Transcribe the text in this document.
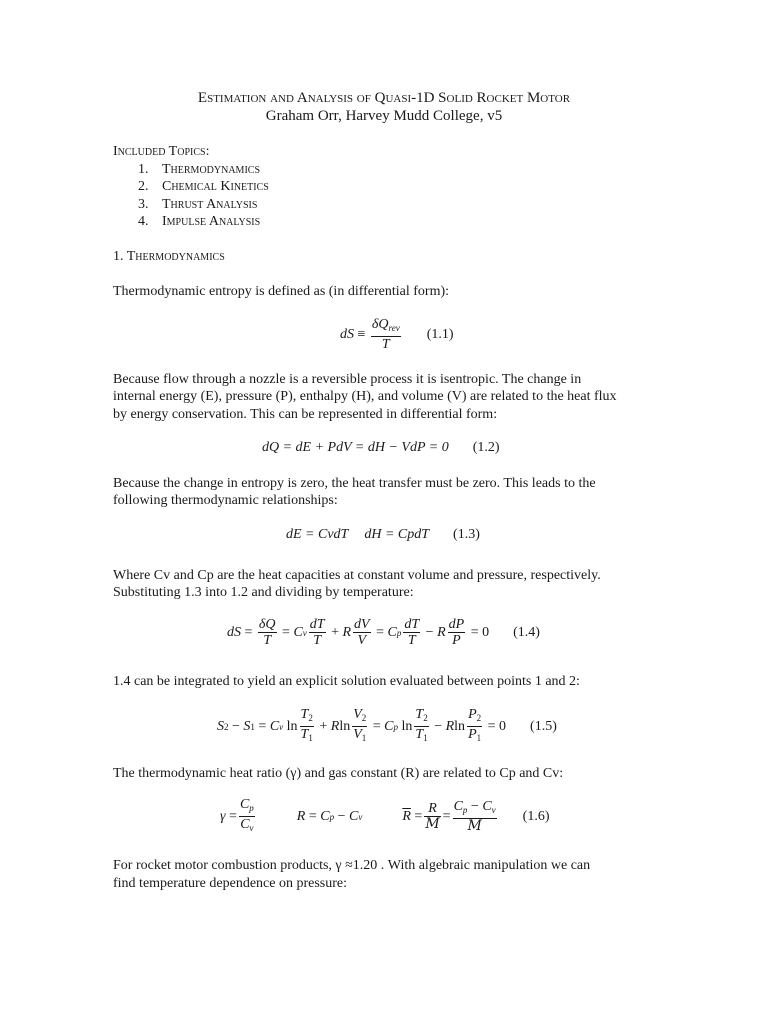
Estimation and Analysis of Quasi-1D Solid Rocket Motor
Graham Orr, Harvey Mudd College, v5
Included Topics:
1. Thermodynamics
2. Chemical Kinetics
3. Thrust Analysis
4. Impulse Analysis
1. Thermodynamics
Thermodynamic entropy is defined as (in differential form):
dS ≡ $\frac{\delta Q_{rev}}{T} (1.1)$
Because flow through a nozzle is a reversible process it is isentropic. The change in
internal energy (E), pressure (P), enthalpy (H), and volume (V) are related to the heat flux
by energy conservation. This can be represented in differential form:
dQ = dE + PdV = dH − VdP = 0 (1.2)
Because the change in entropy is zero, the heat transfer must be zero. This leads to the
following thermodynamic relationships:
dE = CvdT dH = CpdT (1.3)
Where Cv and Cp are the heat capacities at constant volume and pressure, respectively.
Substituting 1.3 into 1.2 and dividing by temperature:
dS = $\frac{\delta Q}{T} = C$ v $\frac{dT}{T} + R \frac{dV}{V} = C$ p $\frac{dT}{T} - R \frac{dP}{P} = 0$ (1.4)
1.4 can be integrated to yield an explicit solution evaluated between points 1 and 2:
S 2 − S 1 = C v $\ln \frac{T_2}{T_1} + R$ $\ln \frac{V_2}{V_1} = C$ p $\ln \frac{T_2}{T_1} - R$ $\ln \frac{P_2}{P_1} = 0$ (1.5)
The thermodynamic heat ratio (γ) and gas constant (R) are related to Cp and Cv:
$\gamma = \frac{C_p}{C_v}$	R = C p − C v	$\overline{R} = \frac{R}{M} = \frac{C_p - C_v}{M} (1.6)$
For rocket motor combustion products, γ ≈1.20 . With algebraic manipulation we can
find temperature dependence on pressure:
